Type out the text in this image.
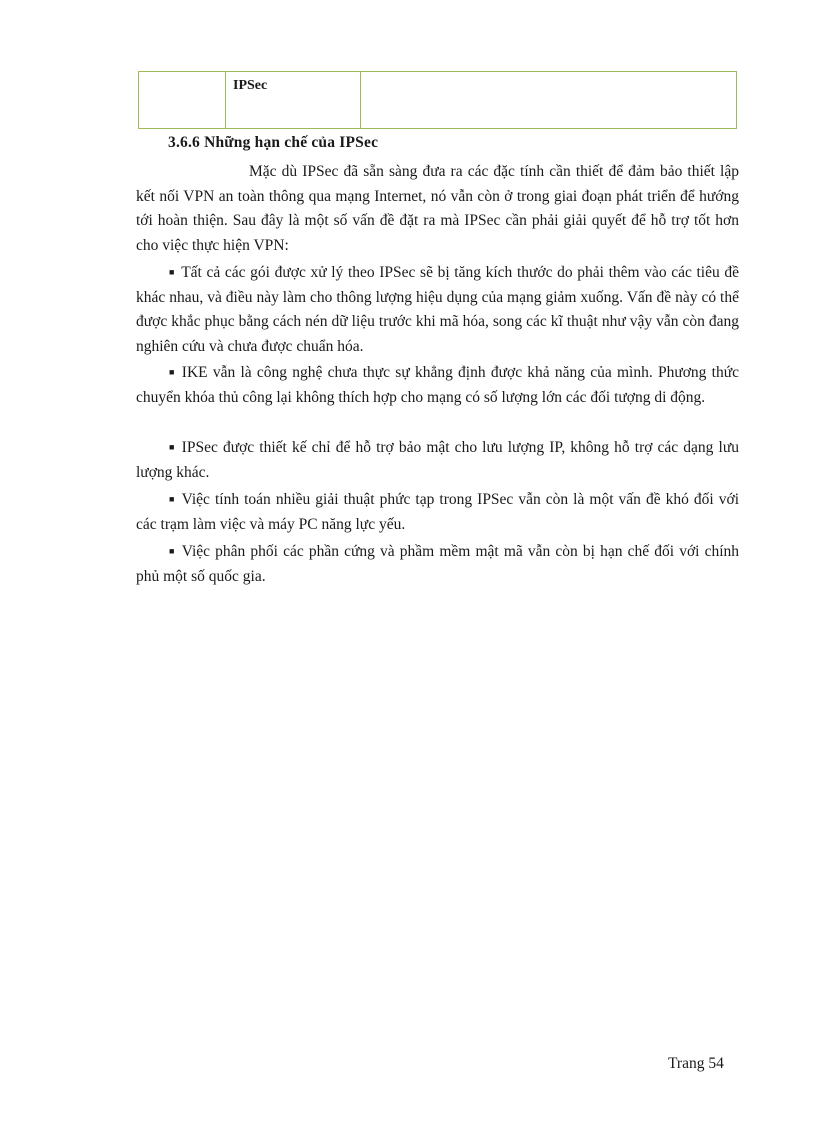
IPSec
3.6.6 Những hạn chế của IPSec
Mặc dù IPSec đã sẵn sàng đưa ra các đặc tính cần thiết để đảm bảo thiết lập kết nối VPN an toàn thông qua mạng Internet, nó vẫn còn ở trong giai đoạn phát triển để hướng tới hoàn thiện. Sau đây là một số vấn đề đặt ra mà IPSec cần phải giải quyết để hỗ trợ tốt hơn cho việc thực hiện VPN:
■ Tất cả các gói được xử lý theo IPSec sẽ bị tăng kích thước do phải thêm vào các tiêu đề khác nhau, và điều này làm cho thông lượng hiệu dụng của mạng giảm xuống. Vấn đề này có thể được khắc phục bằng cách nén dữ liệu trước khi mã hóa, song các kĩ thuật như vậy vẫn còn đang nghiên cứu và chưa được chuẩn hóa.
■ IKE vẫn là công nghệ chưa thực sự khẳng định được khả năng của mình. Phương thức chuyển khóa thủ công lại không thích hợp cho mạng có số lượng lớn các đối tượng di động.
■ IPSec được thiết kế chỉ để hỗ trợ bảo mật cho lưu lượng IP, không hỗ trợ các dạng lưu lượng khác.
■ Việc tính toán nhiều giải thuật phức tạp trong IPSec vẫn còn là một vấn đề khó đối với các trạm làm việc và máy PC năng lực yếu.
■ Việc phân phối các phần cứng và phầm mềm mật mã vẫn còn bị hạn chế đối với chính phủ một số quốc gia.
Trang 54
